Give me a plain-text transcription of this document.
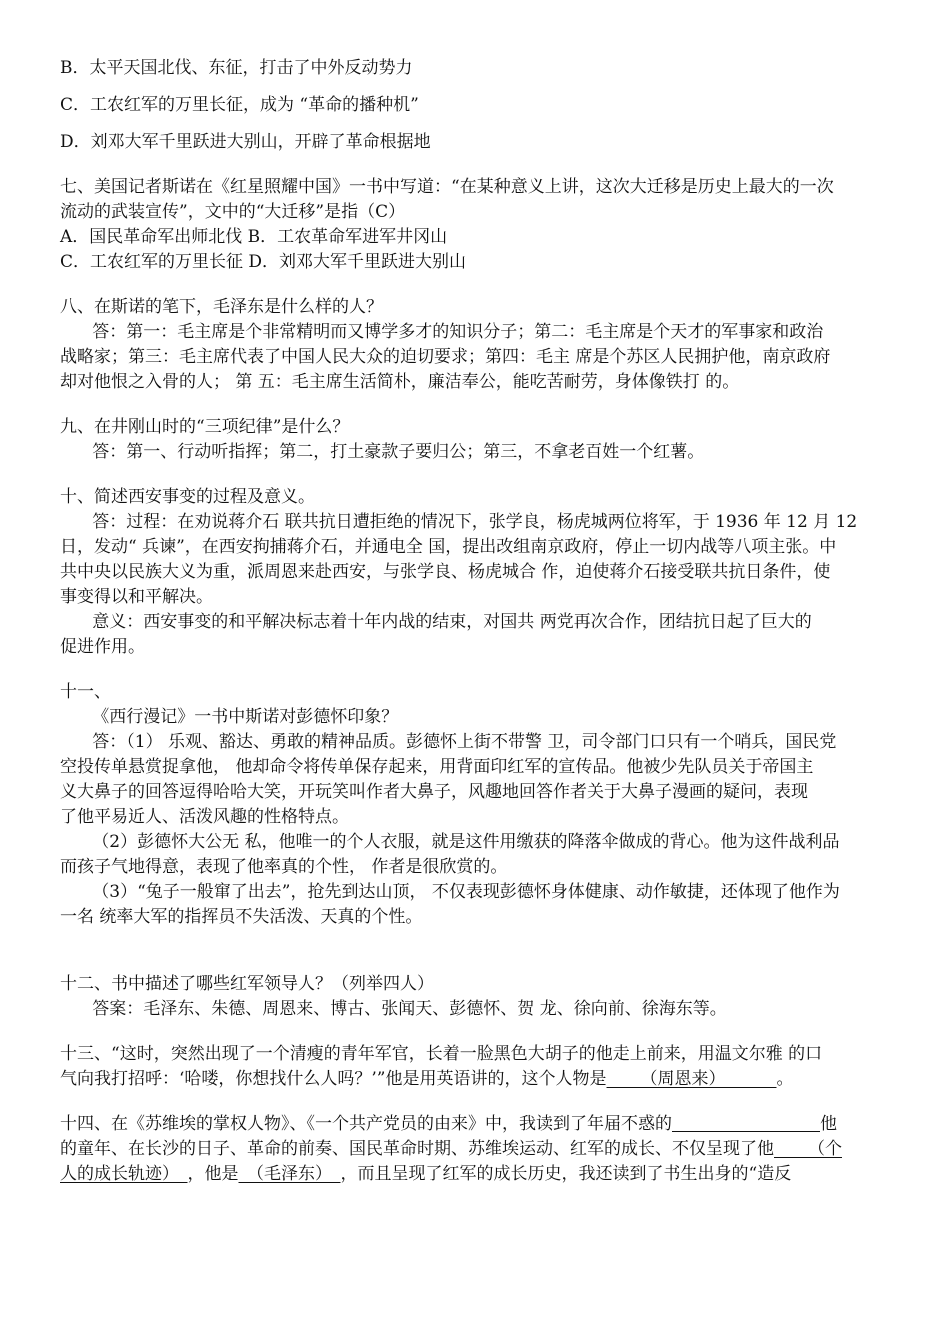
B．太平天国北伐、东征，打击了中外反动势力

C．工农红军的万里长征，成为 “革命的播种机”

D．刘邓大军千里跃进大别山，开辟了革命根据地

七、美国记者斯诺在《红星照耀中国》一书中写道：“在某种意义上讲，这次大迁移是历史上最大的一次

流动的武装宣传”，文中的“大迁移”是指（C）

A．国民革命军出师北伐 B．工农革命军进军井冈山

C．工农红军的万里长征 D．刘邓大军千里跃进大别山

八、在斯诺的笔下，毛泽东是什么样的人？

答：第一：毛主席是个非常精明而又博学多才的知识分子；第二：毛主席是个天才的军事家和政治

战略家；第三：毛主席代表了中国人民大众的迫切要求；第四：毛主 席是个苏区人民拥护他，南京政府

却对他恨之入骨的人； 第 五：毛主席生活简朴，廉洁奉公，能吃苦耐劳，身体像铁打 的。

九、在井刚山时的“三项纪律”是什么？

答：第一、行动听指挥；第二，打土豪款子要归公；第三，不拿老百姓一个红薯。

十、简述西安事变的过程及意义。

答：过程：在劝说蒋介石 联共抗日遭拒绝的情况下，张学良，杨虎城两位将军，于 1936 年 12 月 12

日，发动“ 兵谏”，在西安拘捕蒋介石，并通电全 国，提出改组南京政府，停止一切内战等八项主张。中

共中央以民族大义为重，派周恩来赴西安，与张学良、杨虎城合 作，迫使蒋介石接受联共抗日条件，使

事变得以和平解决。

意义：西安事变的和平解决标志着十年内战的结束，对国共 两党再次合作，团结抗日起了巨大的

促进作用。

十一、

《西行漫记》一书中斯诺对彭德怀印象？

答：（1） 乐观、豁达、勇敢的精神品质。彭德怀上街不带警 卫，司令部门口只有一个哨兵，国民党

空投传单悬赏捉拿他， 他却命令将传单保存起来，用背面印红军的宣传品。他被少先队员关于帝国主

义大鼻子的回答逗得哈哈大笑，开玩笑叫作者大鼻子，风趣地回答作者关于大鼻子漫画的疑问，表现

了他平易近人、活泼风趣的性格特点。

（2）彭德怀大公无 私，他唯一的个人衣服，就是这件用缴获的降落伞做成的背心。他为这件战利品

而孩子气地得意，表现了他率真的个性， 作者是很欣赏的。

（3）“兔子一般窜了出去”，抢先到达山顶， 不仅表现彭德怀身体健康、动作敏捷，还体现了他作为

一名 统率大军的指挥员不失活泼、天真的个性。

十二、书中描述了哪些红军领导人？（列举四人）

答案：毛泽东、朱德、周恩来、博古、张闻天、彭德怀、贺 龙、徐向前、徐海东等。

十三、“这时，突然出现了一个清瘦的青年军官，长着一脸黑色大胡子的他走上前来，用温文尔雅 的口

气向我打招呼：‘哈喽，你想找什么人吗？’”他是用英语讲的，这个人物是   （周恩来）   	。

十四、在《苏维埃的掌权人物》、《一个共产党员的由来》中，我读到了年届不惑的	他

的童年、在长沙的日子、革命的前奏、国民革命时期、苏维埃运动、红军的成长、不仅呈现了他   （个

人的成长轨迹）  ，他是  （毛泽东）  ，而且呈现了红军的成长历史，我还读到了书生出身的“造反
